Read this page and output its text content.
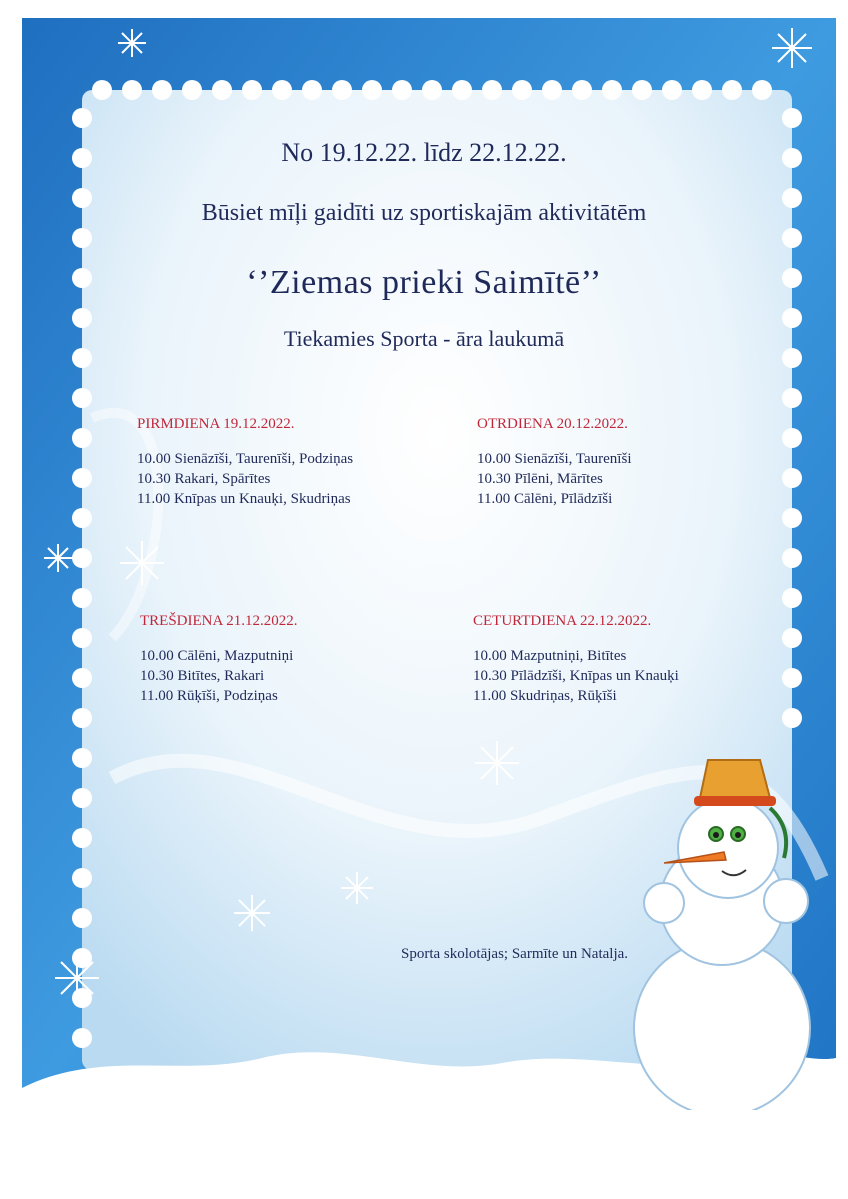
No 19.12.22. līdz 22.12.22.
Būsiet mīļi gaidīti uz sportiskajām aktivitātēm
‘’Ziemas prieki Saimītē’’
Tiekamies Sporta - āra laukumā
PIRMDIENA 19.12.2022.
10.00 Sienāzīši, Taurenīši, Podziņas
10.30 Rakari, Spārītes
11.00 Knīpas un Knauķi, Skudriņas
OTRDIENA 20.12.2022.
10.00 Sienāzīši, Taurenīši
10.30 Pīlēni, Mārītes
11.00 Cālēni, Pīlādzīši
TREŠDIENA 21.12.2022.
10.00 Cālēni, Mazputniņi
10.30 Bitītes, Rakari
11.00 Rūķīši, Podziņas
CETURTDIENA 22.12.2022.
10.00 Mazputniņi, Bitītes
10.30 Pīlādzīši, Knīpas un Knauķi
11.00 Skudriņas, Rūķīši
Sporta skolotājas; Sarmīte un Natalja.
